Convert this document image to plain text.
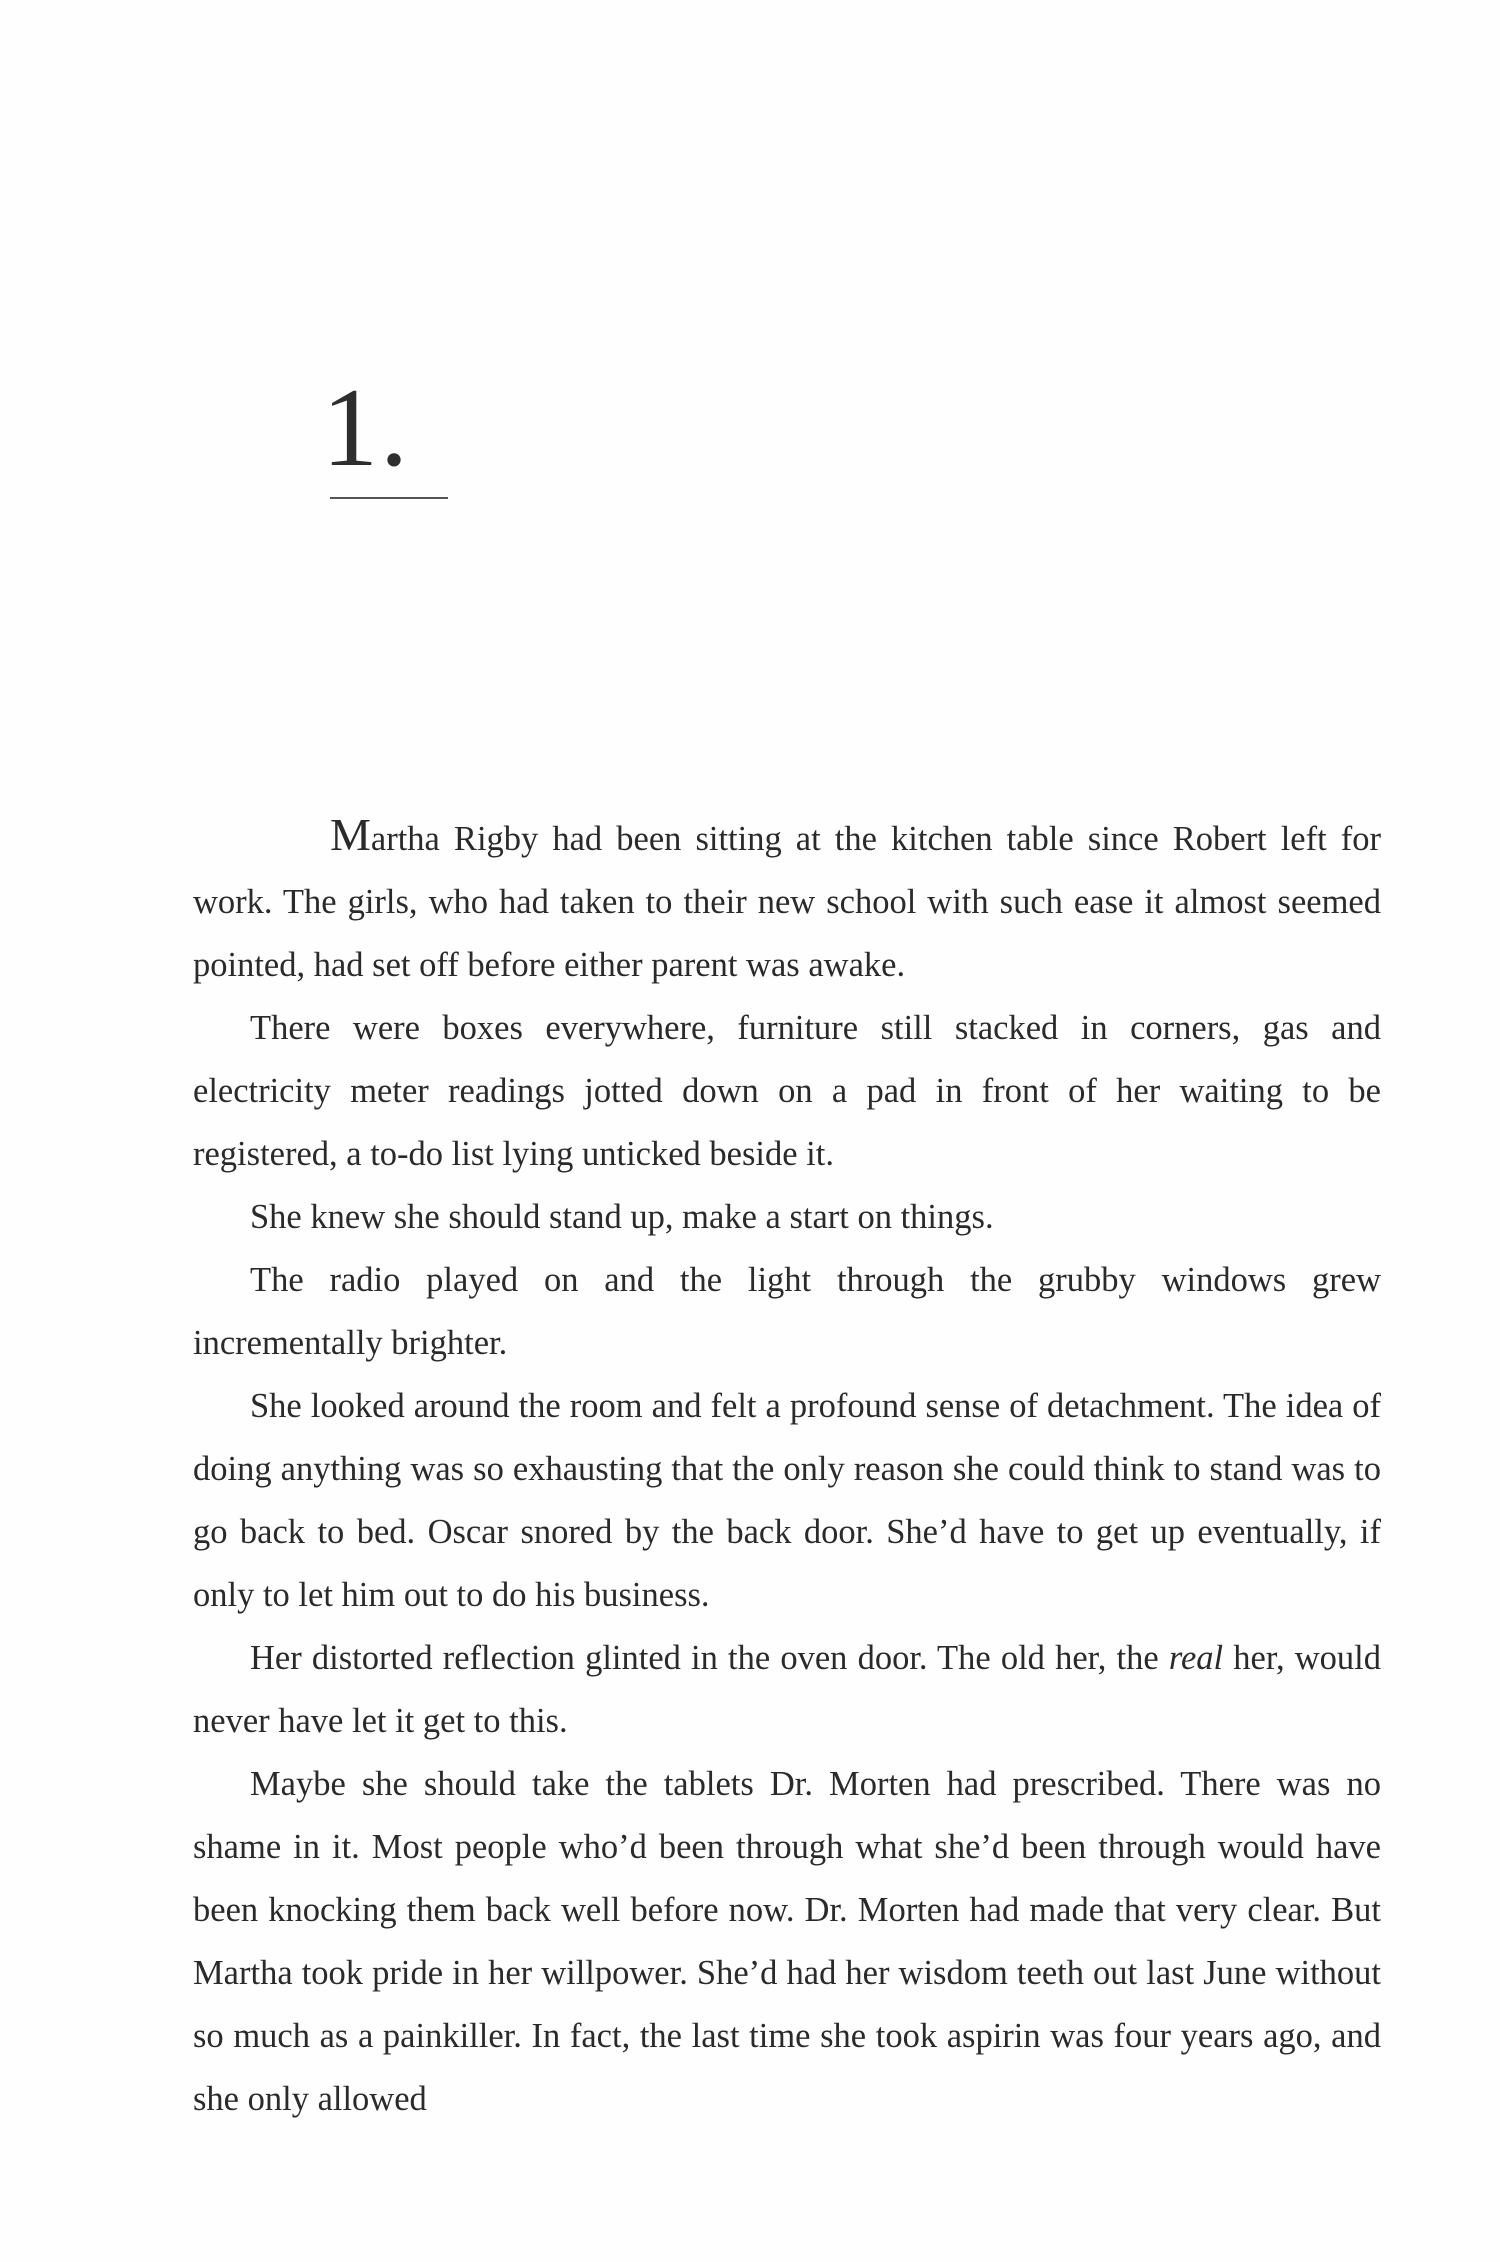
1.

Martha Rigby had been sitting at the kitchen table since Robert left for work. The girls, who had taken to their new school with such ease it almost seemed pointed, had set off before either parent was awake.

There were boxes everywhere, furniture still stacked in corners, gas and electricity meter readings jotted down on a pad in front of her waiting to be registered, a to-do list lying unticked beside it.

She knew she should stand up, make a start on things.

The radio played on and the light through the grubby windows grew incrementally brighter.

She looked around the room and felt a profound sense of detachment. The idea of doing anything was so exhausting that the only reason she could think to stand was to go back to bed. Oscar snored by the back door. She’d have to get up eventually, if only to let him out to do his business.

Her distorted reflection glinted in the oven door. The old her, the real her, would never have let it get to this.

Maybe she should take the tablets Dr. Morten had prescribed. There was no shame in it. Most people who’d been through what she’d been through would have been knocking them back well before now. Dr. Morten had made that very clear. But Martha took pride in her willpower. She’d had her wisdom teeth out last June without so much as a painkiller. In fact, the last time she took aspirin was four years ago, and she only allowed
